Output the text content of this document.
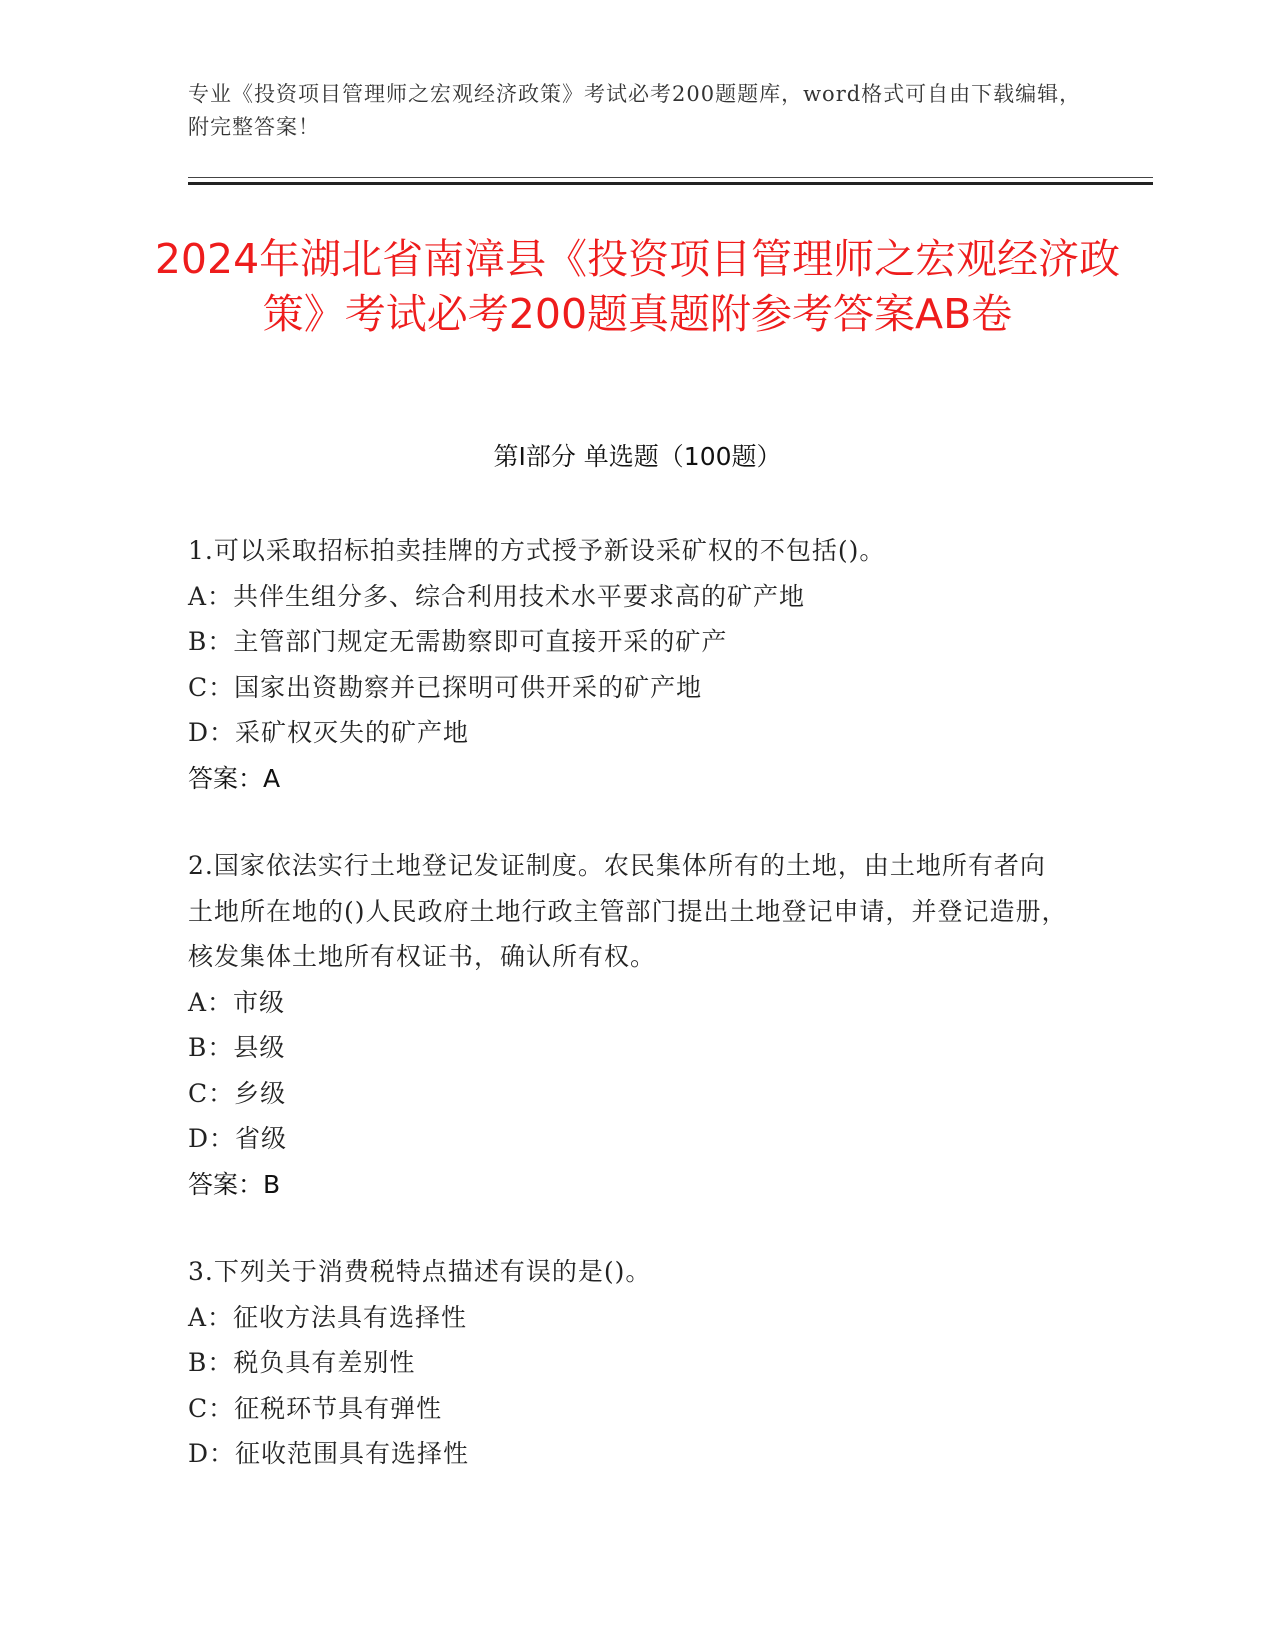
专业《投资项目管理师之宏观经济政策》考试必考200题题库，word格式可自由下载编辑，附完整答案！
2024年湖北省南漳县《投资项目管理师之宏观经济政策》考试必考200题真题附参考答案AB卷
第Ⅰ部分 单选题（100题）
1.可以采取招标拍卖挂牌的方式授予新设采矿权的不包括()。
A：共伴生组分多、综合利用技术水平要求高的矿产地
B：主管部门规定无需勘察即可直接开采的矿产
C：国家出资勘察并已探明可供开采的矿产地
D：采矿权灭失的矿产地
答案：A
2.国家依法实行土地登记发证制度。农民集体所有的土地，由土地所有者向土地所在地的()人民政府土地行政主管部门提出土地登记申请，并登记造册，核发集体土地所有权证书，确认所有权。
A：市级
B：县级
C：乡级
D：省级
答案：B
3.下列关于消费税特点描述有误的是()。
A：征收方法具有选择性
B：税负具有差别性
C：征税环节具有弹性
D：征收范围具有选择性
